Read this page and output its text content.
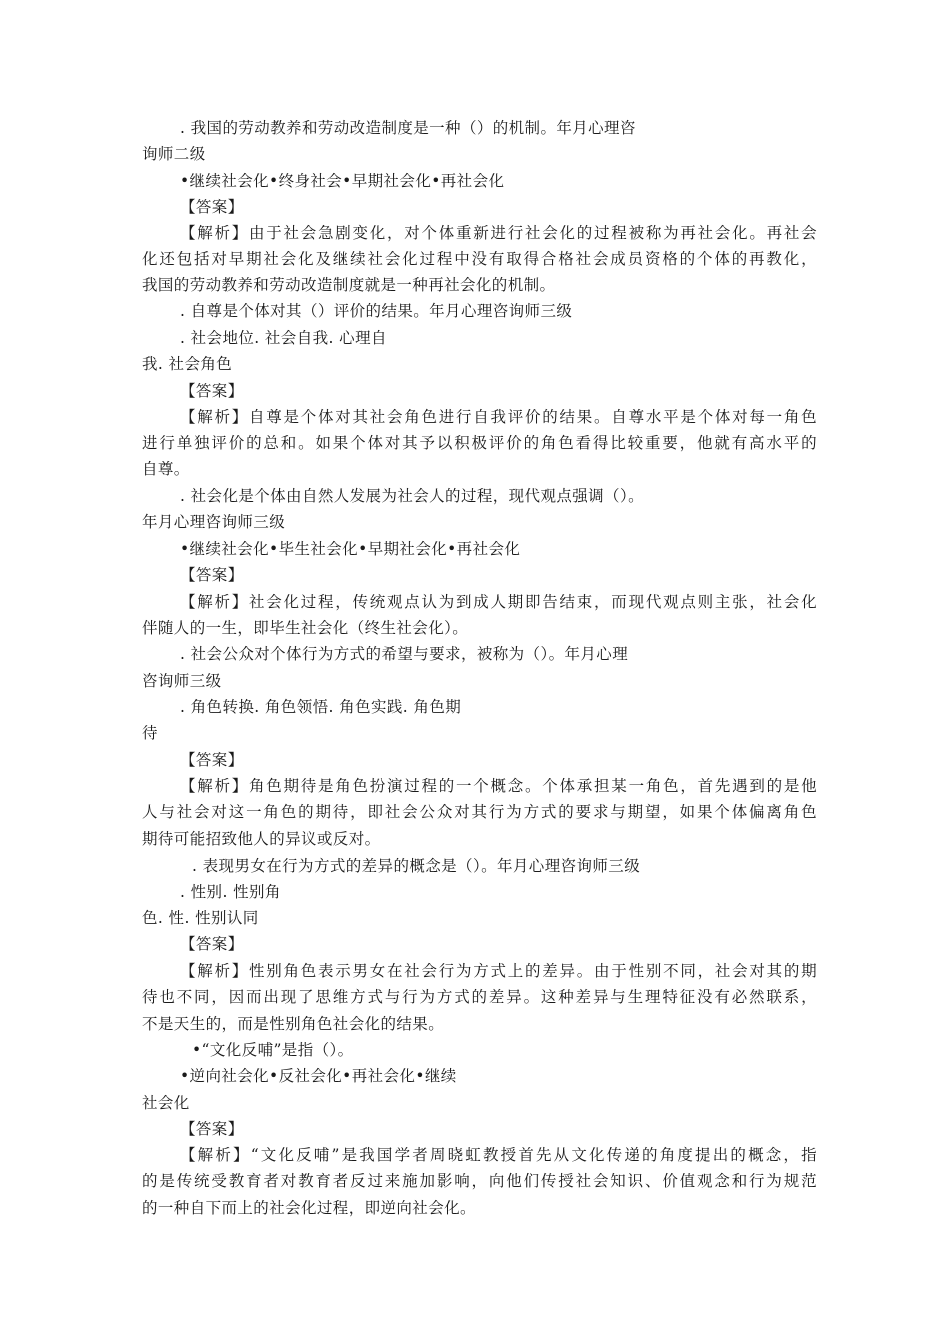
. 我国的劳动教养和劳动改造制度是一种（）的机制。年月心理咨
询师二级
•继续社会化•终身社会•早期社会化•再社会化
【答案】
【解析】由于社会急剧变化，对个体重新进行社会化的过程被称为再社会化。再社会
化还包括对早期社会化及继续社会化过程中没有取得合格社会成员资格的个体的再教化，
我国的劳动教养和劳动改造制度就是一种再社会化的机制。
. 自尊是个体对其（）评价的结果。年月心理咨询师三级
. 社会地位. 社会自我. 心理自
我. 社会角色
【答案】
【解析】自尊是个体对其社会角色进行自我评价的结果。自尊水平是个体对每一角色
进行单独评价的总和。如果个体对其予以积极评价的角色看得比较重要，他就有高水平的
自尊。
. 社会化是个体由自然人发展为社会人的过程，现代观点强调（）。
年月心理咨询师三级
•继续社会化•毕生社会化•早期社会化•再社会化
【答案】
【解析】社会化过程，传统观点认为到成人期即告结束，而现代观点则主张，社会化
伴随人的一生，即毕生社会化（终生社会化）。
. 社会公众对个体行为方式的希望与要求，被称为（）。年月心理
咨询师三级
. 角色转换. 角色领悟. 角色实践. 角色期
待
【答案】
【解析】角色期待是角色扮演过程的一个概念。个体承担某一角色，首先遇到的是他
人与社会对这一角色的期待，即社会公众对其行为方式的要求与期望，如果个体偏离角色
期待可能招致他人的异议或反对。
. 表现男女在行为方式的差异的概念是（）。年月心理咨询师三级
. 性别. 性别角
色. 性. 性别认同
【答案】
【解析】性别角色表示男女在社会行为方式上的差异。由于性别不同，社会对其的期
待也不同，因而出现了思维方式与行为方式的差异。这种差异与生理特征没有必然联系，
不是天生的，而是性别角色社会化的结果。
•“文化反哺”是指（）。
•逆向社会化•反社会化•再社会化•继续
社会化
【答案】
【解析】“文化反哺”是我国学者周晓虹教授首先从文化传递的角度提出的概念，指
的是传统受教育者对教育者反过来施加影响，向他们传授社会知识、价值观念和行为规范
的一种自下而上的社会化过程，即逆向社会化。
